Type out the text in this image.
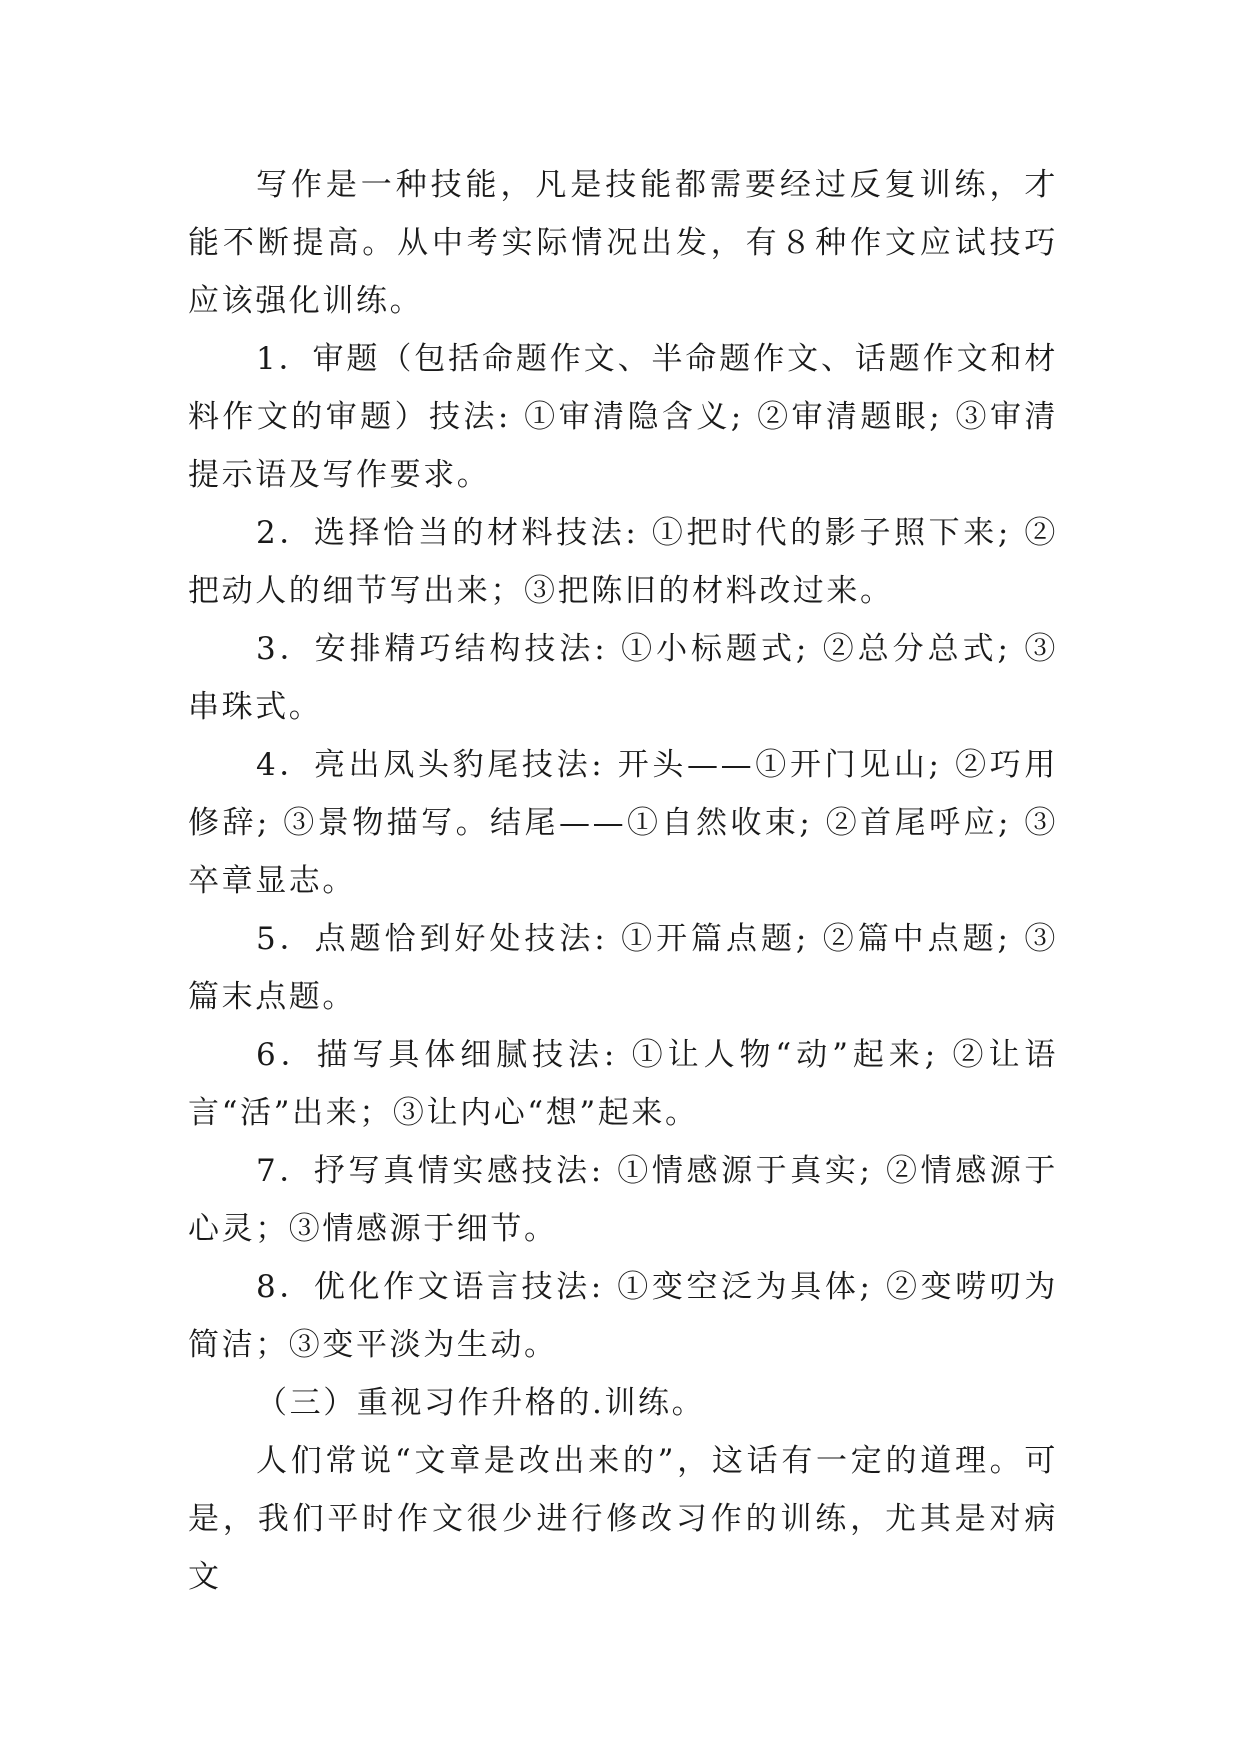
写作是一种技能，凡是技能都需要经过反复训练，才能不断提高。从中考实际情况出发，有８种作文应试技巧应该强化训练。

1．审题（包括命题作文、半命题作文、话题作文和材料作文的审题）技法: ①审清隐含义; ②审清题眼; ③审清提示语及写作要求。

2．选择恰当的材料技法: ①把时代的影子照下来; ②把动人的细节写出来；③把陈旧的材料改过来。

3．安排精巧结构技法: ①小标题式; ②总分总式; ③串珠式。

4．亮出凤头豹尾技法: 开头——①开门见山; ②巧用修辞; ③景物描写。结尾——①自然收束; ②首尾呼应; ③卒章显志。

5．点题恰到好处技法: ①开篇点题; ②篇中点题; ③篇末点题。

6．描写具体细腻技法: ①让人物“动”起来; ②让语言“活”出来；③让内心“想”起来。

7．抒写真情实感技法: ①情感源于真实; ②情感源于心灵；③情感源于细节。

8．优化作文语言技法: ①变空泛为具体; ②变唠叨为简洁；③变平淡为生动。

（三）重视习作升格的.训练。

人们常说“文章是改出来的”，这话有一定的道理。可是，我们平时作文很少进行修改习作的训练，尤其是对病文
